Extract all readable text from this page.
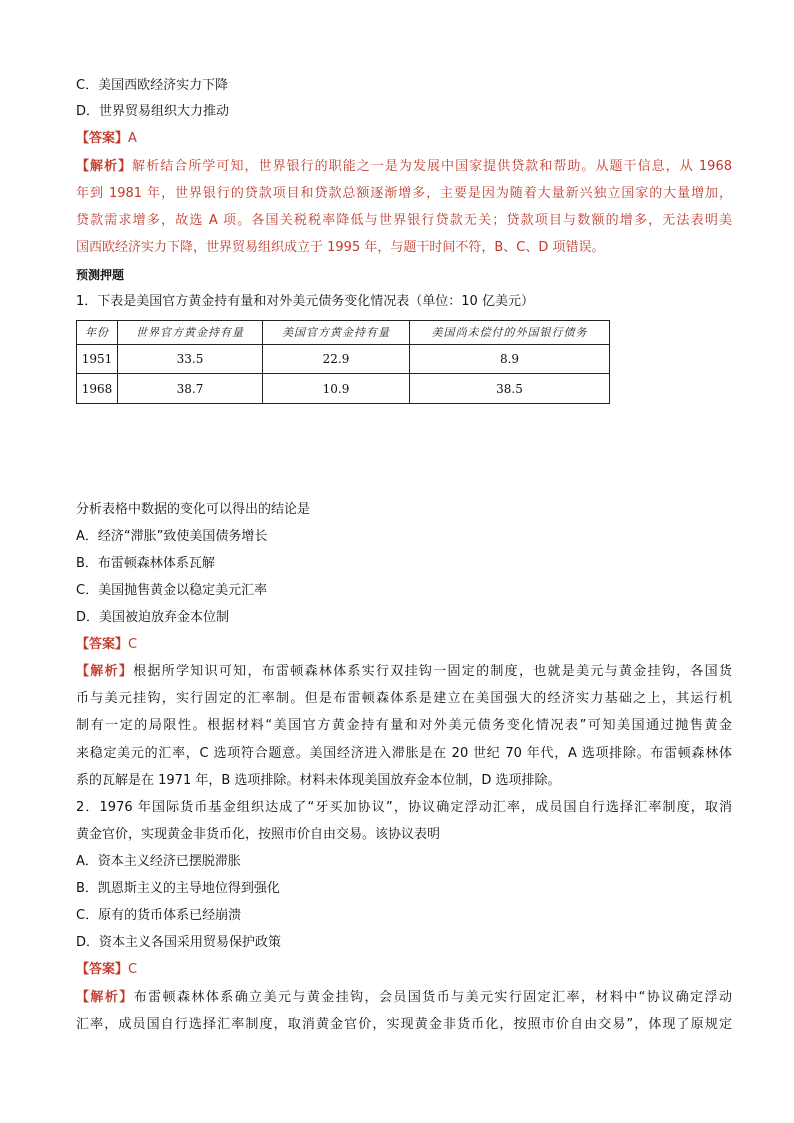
C．美国西欧经济实力下降
D．世界贸易组织大力推动
【答案】A
【解析】解析结合所学可知，世界银行的职能之一是为发展中国家提供贷款和帮助。从题干信息，从 1968
年到 1981 年，世界银行的贷款项目和贷款总额逐渐增多，主要是因为随着大量新兴独立国家的大量增加，
贷款需求增多，故选 A 项。各国关税税率降低与世界银行贷款无关；贷款项目与数额的增多，无法表明美
国西欧经济实力下降，世界贸易组织成立于 1995 年，与题干时间不符，B、C、D 项错误。
预测押题
1．下表是美国官方黄金持有量和对外美元债务变化情况表（单位：10 亿美元）
年份	世界官方黄金持有量	美国官方黄金持有量	美国尚未偿付的外国银行债务
1951	33.5	22.9	8.9
1968	38.7	10.9	38.5
分析表格中数据的变化可以得出的结论是
A．经济“滞胀”致使美国债务增长
B．布雷顿森林体系瓦解
C．美国抛售黄金以稳定美元汇率
D．美国被迫放弃金本位制
【答案】C
【解析】根据所学知识可知，布雷顿森林体系实行双挂钩一固定的制度，也就是美元与黄金挂钩，各国货
币与美元挂钩，实行固定的汇率制。但是布雷顿森体系是建立在美国强大的经济实力基础之上，其运行机
制有一定的局限性。根据材料“美国官方黄金持有量和对外美元债务变化情况表”可知美国通过抛售黄金
来稳定美元的汇率，C 选项符合题意。美国经济进入滞胀是在 20 世纪 70 年代，A 选项排除。布雷顿森林体
系的瓦解是在 1971 年，B 选项排除。材料未体现美国放弃金本位制，D 选项排除。
2．1976 年国际货币基金组织达成了“牙买加协议”，协议确定浮动汇率，成员国自行选择汇率制度，取消
黄金官价，实现黄金非货币化，按照市价自由交易。该协议表明
A．资本主义经济已摆脱滞胀
B．凯恩斯主义的主导地位得到强化
C．原有的货币体系已经崩溃
D．资本主义各国采用贸易保护政策
【答案】C
【解析】布雷顿森林体系确立美元与黄金挂钩，会员国货币与美元实行固定汇率，材料中“协议确定浮动
汇率，成员国自行选择汇率制度，取消黄金官价，实现黄金非货币化，按照市价自由交易”，体现了原规定
